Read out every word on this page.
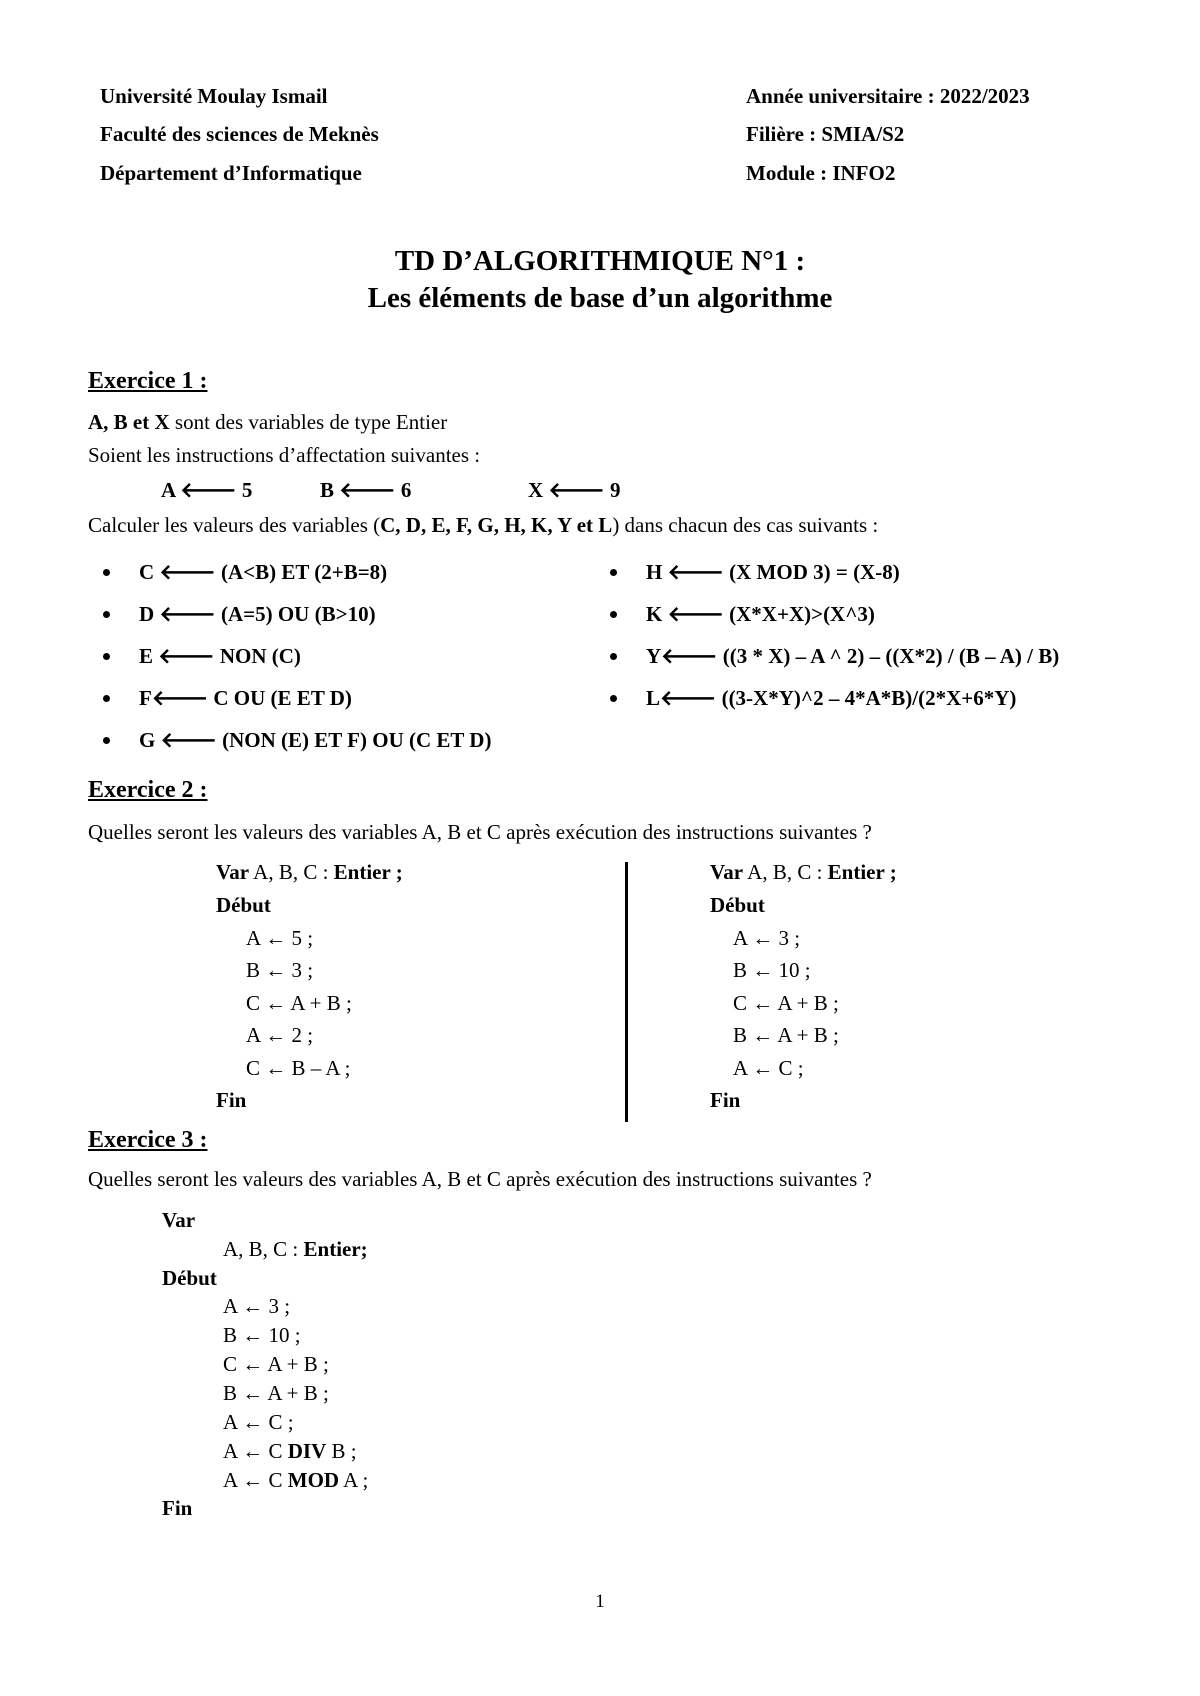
Université Moulay Ismail
Faculté des sciences de Meknès
Département d’Informatique
Année universitaire : 2022/2023
Filière : SMIA/S2
Module : INFO2
TD D’ALGORITHMIQUE N°1 :
Les éléments de base d’un algorithme
Exercice 1 :
A, B et X sont des variables de type Entier
Soient les instructions d’affectation suivantes :
A 🡐 5	B 🡐 6	X 🡐 9
Calculer les valeurs des variables (C, D, E, F, G, H, K, Y et L) dans chacun des cas suivants :
C 🡐 (A<B) ET (2+B=8)
D 🡐 (A=5) OU (B>10)
E 🡐 NON (C)
F🡐 C OU (E ET D)
G 🡐 (NON (E) ET F) OU (C ET D)
H 🡐 (X MOD 3) = (X-8)
K 🡐 (X*X+X)>(X^3)
Y🡐 ((3 * X) – A ^ 2) – ((X*2) / (B – A) / B)
L🡐 ((3-X*Y)^2 – 4*A*B)/(2*X+6*Y)
Exercice 2 :
Quelles seront les valeurs des variables A, B et C après exécution des instructions suivantes ?
Var A, B, C : Entier ;
Début
A ← 5 ;
B ← 3 ;
C ← A + B ;
A ← 2 ;
C ← B – A ;
Fin
Var A, B, C : Entier ;
Début
A ← 3 ;
B ← 10 ;
C ← A + B ;
B ← A + B ;
A ← C ;
Fin
Exercice 3 :
Quelles seront les valeurs des variables A, B et C après exécution des instructions suivantes ?
Var
A, B, C : Entier;
Début
A ← 3 ;
B ← 10 ;
C ← A + B ;
B ← A + B ;
A ← C ;
A ← C DIV B ;
A ← C MOD A ;
Fin
1
